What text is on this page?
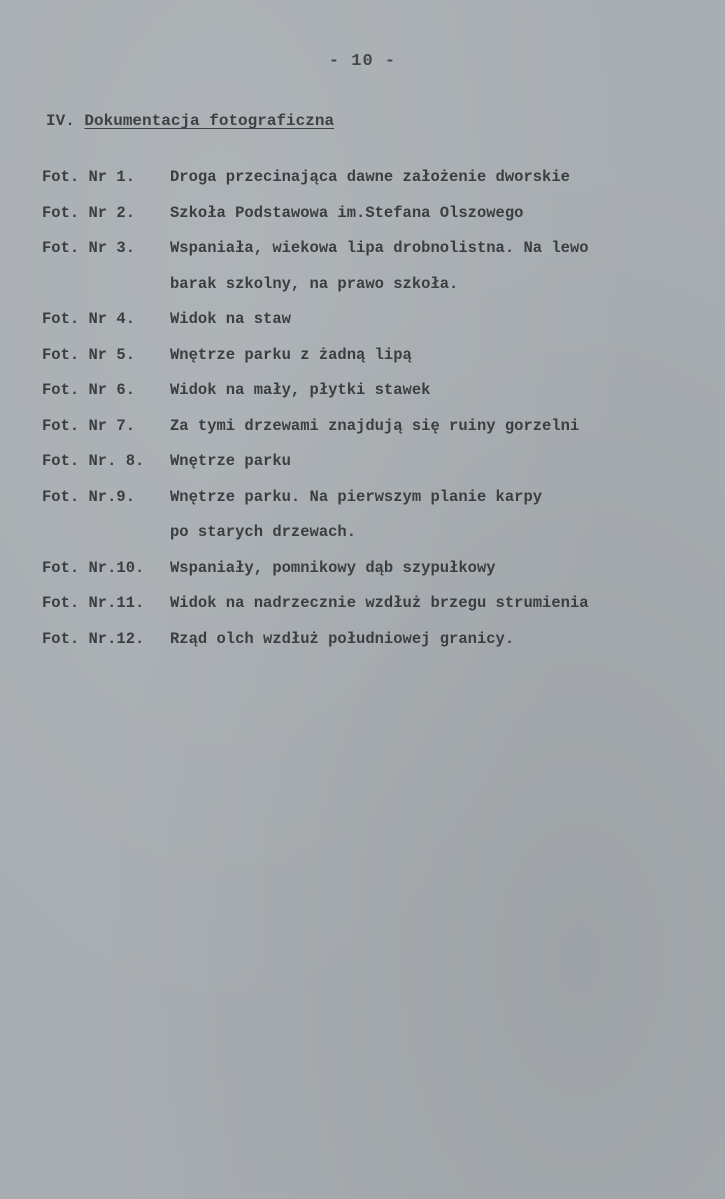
- 10 -
IV. Dokumentacja fotograficzna
Fot. Nr 1.	Droga przecinająca dawne założenie dworskie
Fot. Nr 2.	Szkoła Podstawowa im.Stefana Olszowego
Fot. Nr 3.	Wspaniała, wiekowa lipa drobnolistna. Na lewo
barak szkolny, na prawo szkoła.
Fot. Nr 4.	Widok na staw
Fot. Nr 5.	Wnętrze parku z żadną lipą
Fot. Nr 6.	Widok na mały, płytki stawek
Fot. Nr 7.	Za tymi drzewami znajdują się ruiny gorzelni
Fot. Nr. 8.	Wnętrze parku
Fot. Nr.9.	Wnętrze parku. Na pierwszym planie karpy
po starych drzewach.
Fot. Nr.10.	Wspaniały, pomnikowy dąb szypułkowy
Fot. Nr.11.	Widok na nadrzecznie wzdłuż brzegu strumienia
Fot. Nr.12.	Rząd olch wzdłuż południowej granicy.
